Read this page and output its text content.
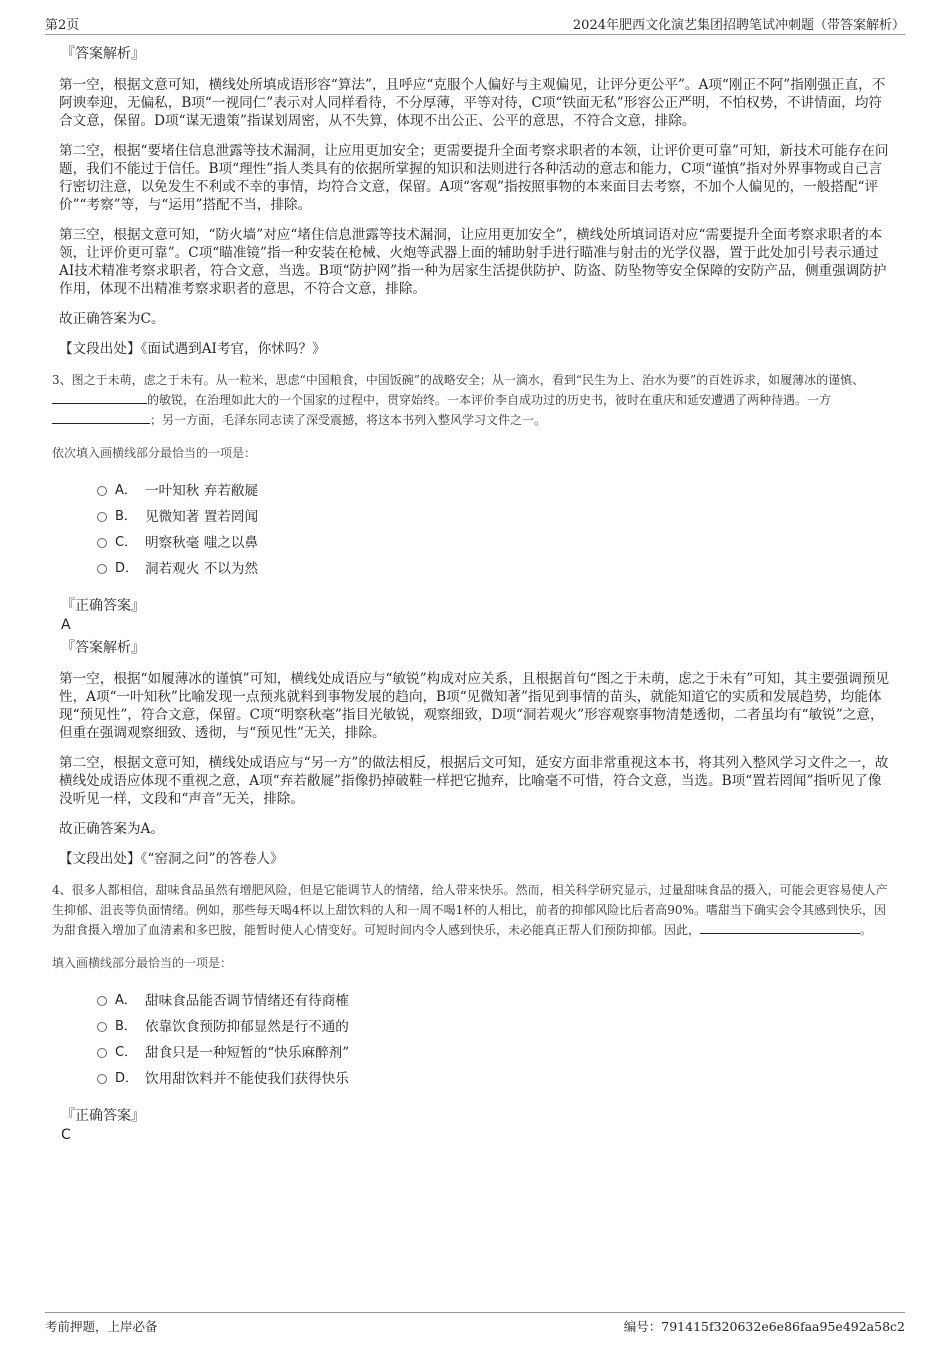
第2页	2024年肥西文化演艺集团招聘笔试冲刺题（带答案解析）
『答案解析』

第一空，根据文意可知，横线处所填成语形容“算法”，且呼应“克服个人偏好与主观偏见，让评分更公平”。A项“刚正不阿”指刚强正直，不阿谀奉迎，无偏私，B项“一视同仁”表示对人同样看待，不分厚薄，平等对待，C项“铁面无私”形容公正严明，不怕权势，不讲情面，均符合文意，保留。D项“谋无遗策”指谋划周密，从不失算，体现不出公正、公平的意思，不符合文意，排除。

第二空，根据“要堵住信息泄露等技术漏洞，让应用更加安全；更需要提升全面考察求职者的本领，让评价更可靠”可知，新技术可能存在问题，我们不能过于信任。B项“理性”指人类具有的依据所掌握的知识和法则进行各种活动的意志和能力，C项“谨慎”指对外界事物或自己言行密切注意，以免发生不利或不幸的事情，均符合文意，保留。A项“客观”指按照事物的本来面目去考察，不加个人偏见的，一般搭配“评价”“考察”等，与“运用”搭配不当，排除。

第三空，根据文意可知，“防火墙”对应“堵住信息泄露等技术漏洞，让应用更加安全”，横线处所填词语对应“需要提升全面考察求职者的本领，让评价更可靠”。C项“瞄准镜”指一种安装在枪械、火炮等武器上面的辅助射手进行瞄准与射击的光学仪器，置于此处加引号表示通过AI技术精准考察求职者，符合文意，当选。B项“防护网”指一种为居家生活提供防护、防盗、防坠物等安全保障的安防产品，侧重强调防护作用，体现不出精准考察求职者的意思，不符合文意，排除。

故正确答案为C。

【文段出处】《面试遇到AI考官，你怵吗？》

3、图之于未萌，虑之于未有。从一粒米，思虑“中国粮食，中国饭碗”的战略安全；从一滴水，看到“民生为上、治水为要”的百姓诉求，如履薄冰的谨慎、的敏锐，在治理如此大的一个国家的过程中，贯穿始终。一本评价李自成功过的历史书，彼时在重庆和延安遭遇了两种待遇。一方；另一方面，毛泽东同志读了深受震撼，将这本书列入整风学习文件之一。

依次填入画横线部分最恰当的一项是：

A． 一叶知秋 弃若敝屣
B． 见微知著 置若罔闻
C． 明察秋毫 嗤之以鼻
D． 洞若观火 不以为然
『正确答案』
A
『答案解析』

第一空，根据“如履薄冰的谨慎”可知，横线处成语应与“敏锐”构成对应关系，且根据首句“图之于未萌，虑之于未有”可知，其主要强调预见性，A项“一叶知秋”比喻发现一点预兆就料到事物发展的趋向，B项“见微知著”指见到事情的苗头，就能知道它的实质和发展趋势，均能体现“预见性”，符合文意，保留。C项“明察秋毫”指目光敏锐，观察细致，D项“洞若观火”形容观察事物清楚透彻，二者虽均有“敏锐”之意，但重在强调观察细致、透彻，与“预见性”无关，排除。

第二空，根据文意可知，横线处成语应与“另一方”的做法相反，根据后文可知，延安方面非常重视这本书，将其列入整风学习文件之一，故横线处成语应体现不重视之意，A项“弃若敝屣”指像扔掉破鞋一样把它抛弃，比喻毫不可惜，符合文意，当选。B项“置若罔闻”指听见了像没听见一样，文段和“声音”无关，排除。

故正确答案为A。

【文段出处】《“窑洞之问”的答卷人》

4、很多人都相信，甜味食品虽然有增肥风险，但是它能调节人的情绪，给人带来快乐。然而，相关科学研究显示，过量甜味食品的摄入，可能会更容易使人产生抑郁、沮丧等负面情绪。例如，那些每天喝4杯以上甜饮料的人和一周不喝1杯的人相比，前者的抑郁风险比后者高90%。嗜甜当下确实会令其感到快乐，因为甜食摄入增加了血清素和多巴胺，能暂时使人心情变好。可短时间内令人感到快乐，未必能真正帮人们预防抑郁。因此，	。

填入画横线部分最恰当的一项是：

A． 甜味食品能否调节情绪还有待商榷
B． 依靠饮食预防抑郁显然是行不通的
C． 甜食只是一种短暂的“快乐麻醉剂”
D． 饮用甜饮料并不能使我们获得快乐
『正确答案』
C
考前押题，上岸必备	编号：791415f320632e6e86faa95e492a58c2
